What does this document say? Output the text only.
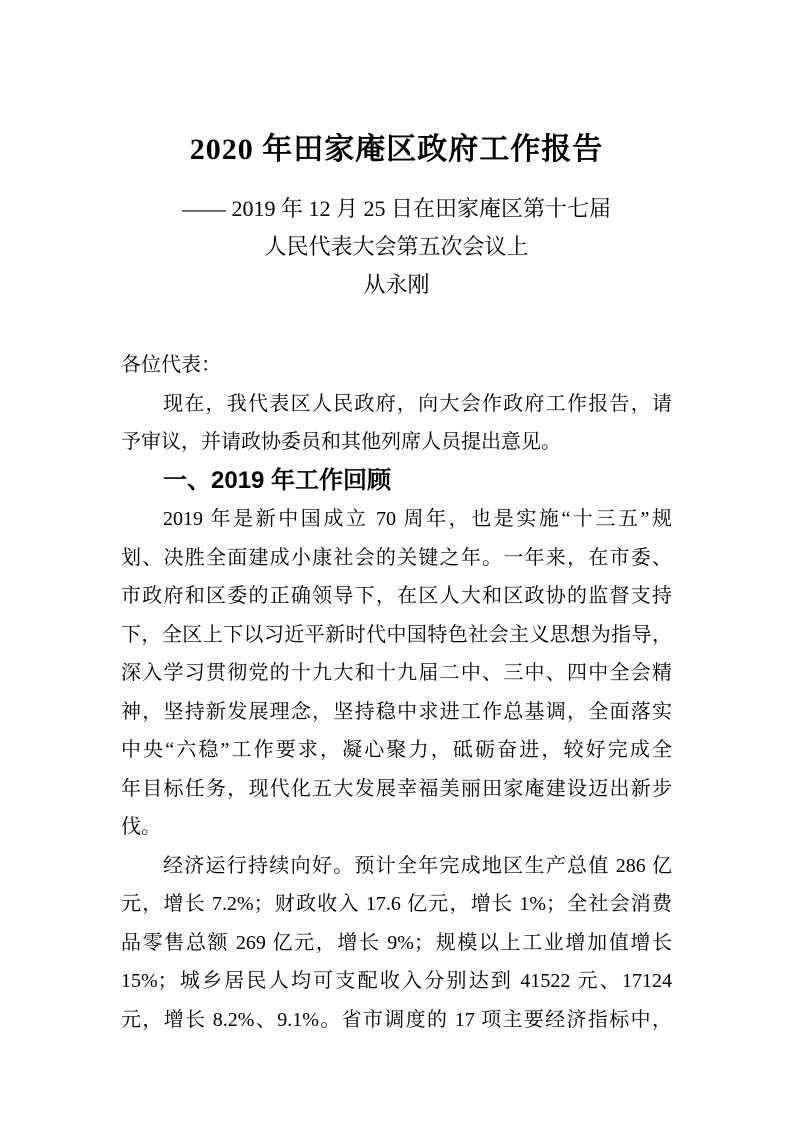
2020 年田家庵区政府工作报告
—— 2019 年 12 月 25 日在田家庵区第十七届
人民代表大会第五次会议上
从永刚
各位代表：
现在，我代表区人民政府，向大会作政府工作报告，请
予审议，并请政协委员和其他列席人员提出意见。
一、2019 年工作回顾
2019 年是新中国成立 70 周年，也是实施“十三五”规
划、决胜全面建成小康社会的关键之年。一年来，在市委、
市政府和区委的正确领导下，在区人大和区政协的监督支持
下，全区上下以习近平新时代中国特色社会主义思想为指导，
深入学习贯彻党的十九大和十九届二中、三中、四中全会精
神，坚持新发展理念，坚持稳中求进工作总基调，全面落实
中央“六稳”工作要求，凝心聚力，砥砺奋进，较好完成全
年目标任务，现代化五大发展幸福美丽田家庵建设迈出新步
伐。
经济运行持续向好。预计全年完成地区生产总值 286 亿
元，增长 7.2%；财政收入 17.6 亿元，增长 1%；全社会消费
品零售总额 269 亿元，增长 9%；规模以上工业增加值增长
15%；城乡居民人均可支配收入分别达到 41522 元、17124
元，增长 8.2%、9.1%。省市调度的 17 项主要经济指标中，
